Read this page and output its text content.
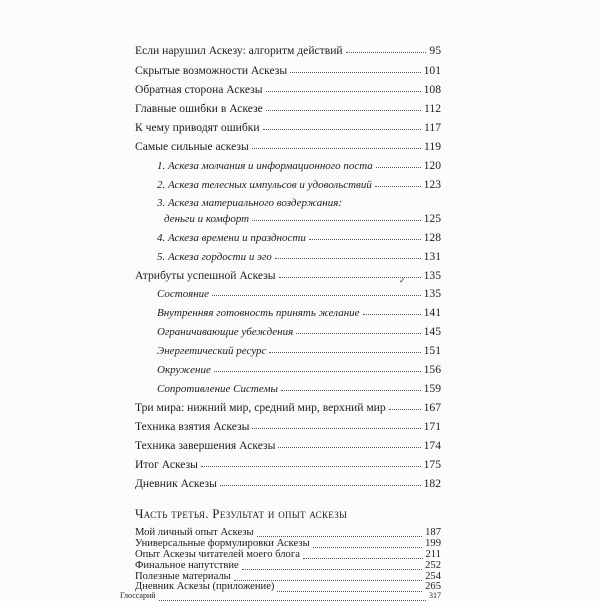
Если нарушил Аскезу: алгоритм действий	95
Скрытые возможности Аскезы	101
Обратная сторона Аскезы	108
Главные ошибки в Аскезе	112
К чему приводят ошибки	117
Самые сильные аскезы	119
1. Аскеза молчания и информационного поста	120
2. Аскеза телесных импульсов и удовольствий	123
3. Аскеза материального воздержания:
деньги и комфорт	125
4. Аскеза времени и праздности	128
5. Аскеза гордости и эго	131
Атрибуты успешной Аскезы	135
✓
Состояние	135
Внутренняя готовность принять желание	141
Ограничивающие убеждения	145
Энергетический ресурс	151
Окружение	156
Сопротивление Системы	159
Три мира: нижний мир, средний мир, верхний мир	167
Техника взятия Аскезы	171
Техника завершения Аскезы	174
Итог Аскезы	175
Дневник Аскезы	182
Часть третья. Результат и опыт аскезы
Мой личный опыт Аскезы	187
Универсальные формулировки Аскезы	199
Опыт Аскезы читателей моего блога	211
Финальное напутствие	252
Полезные материалы	254
Дневник Аскезы (приложение)	265
Глоссарий	317
